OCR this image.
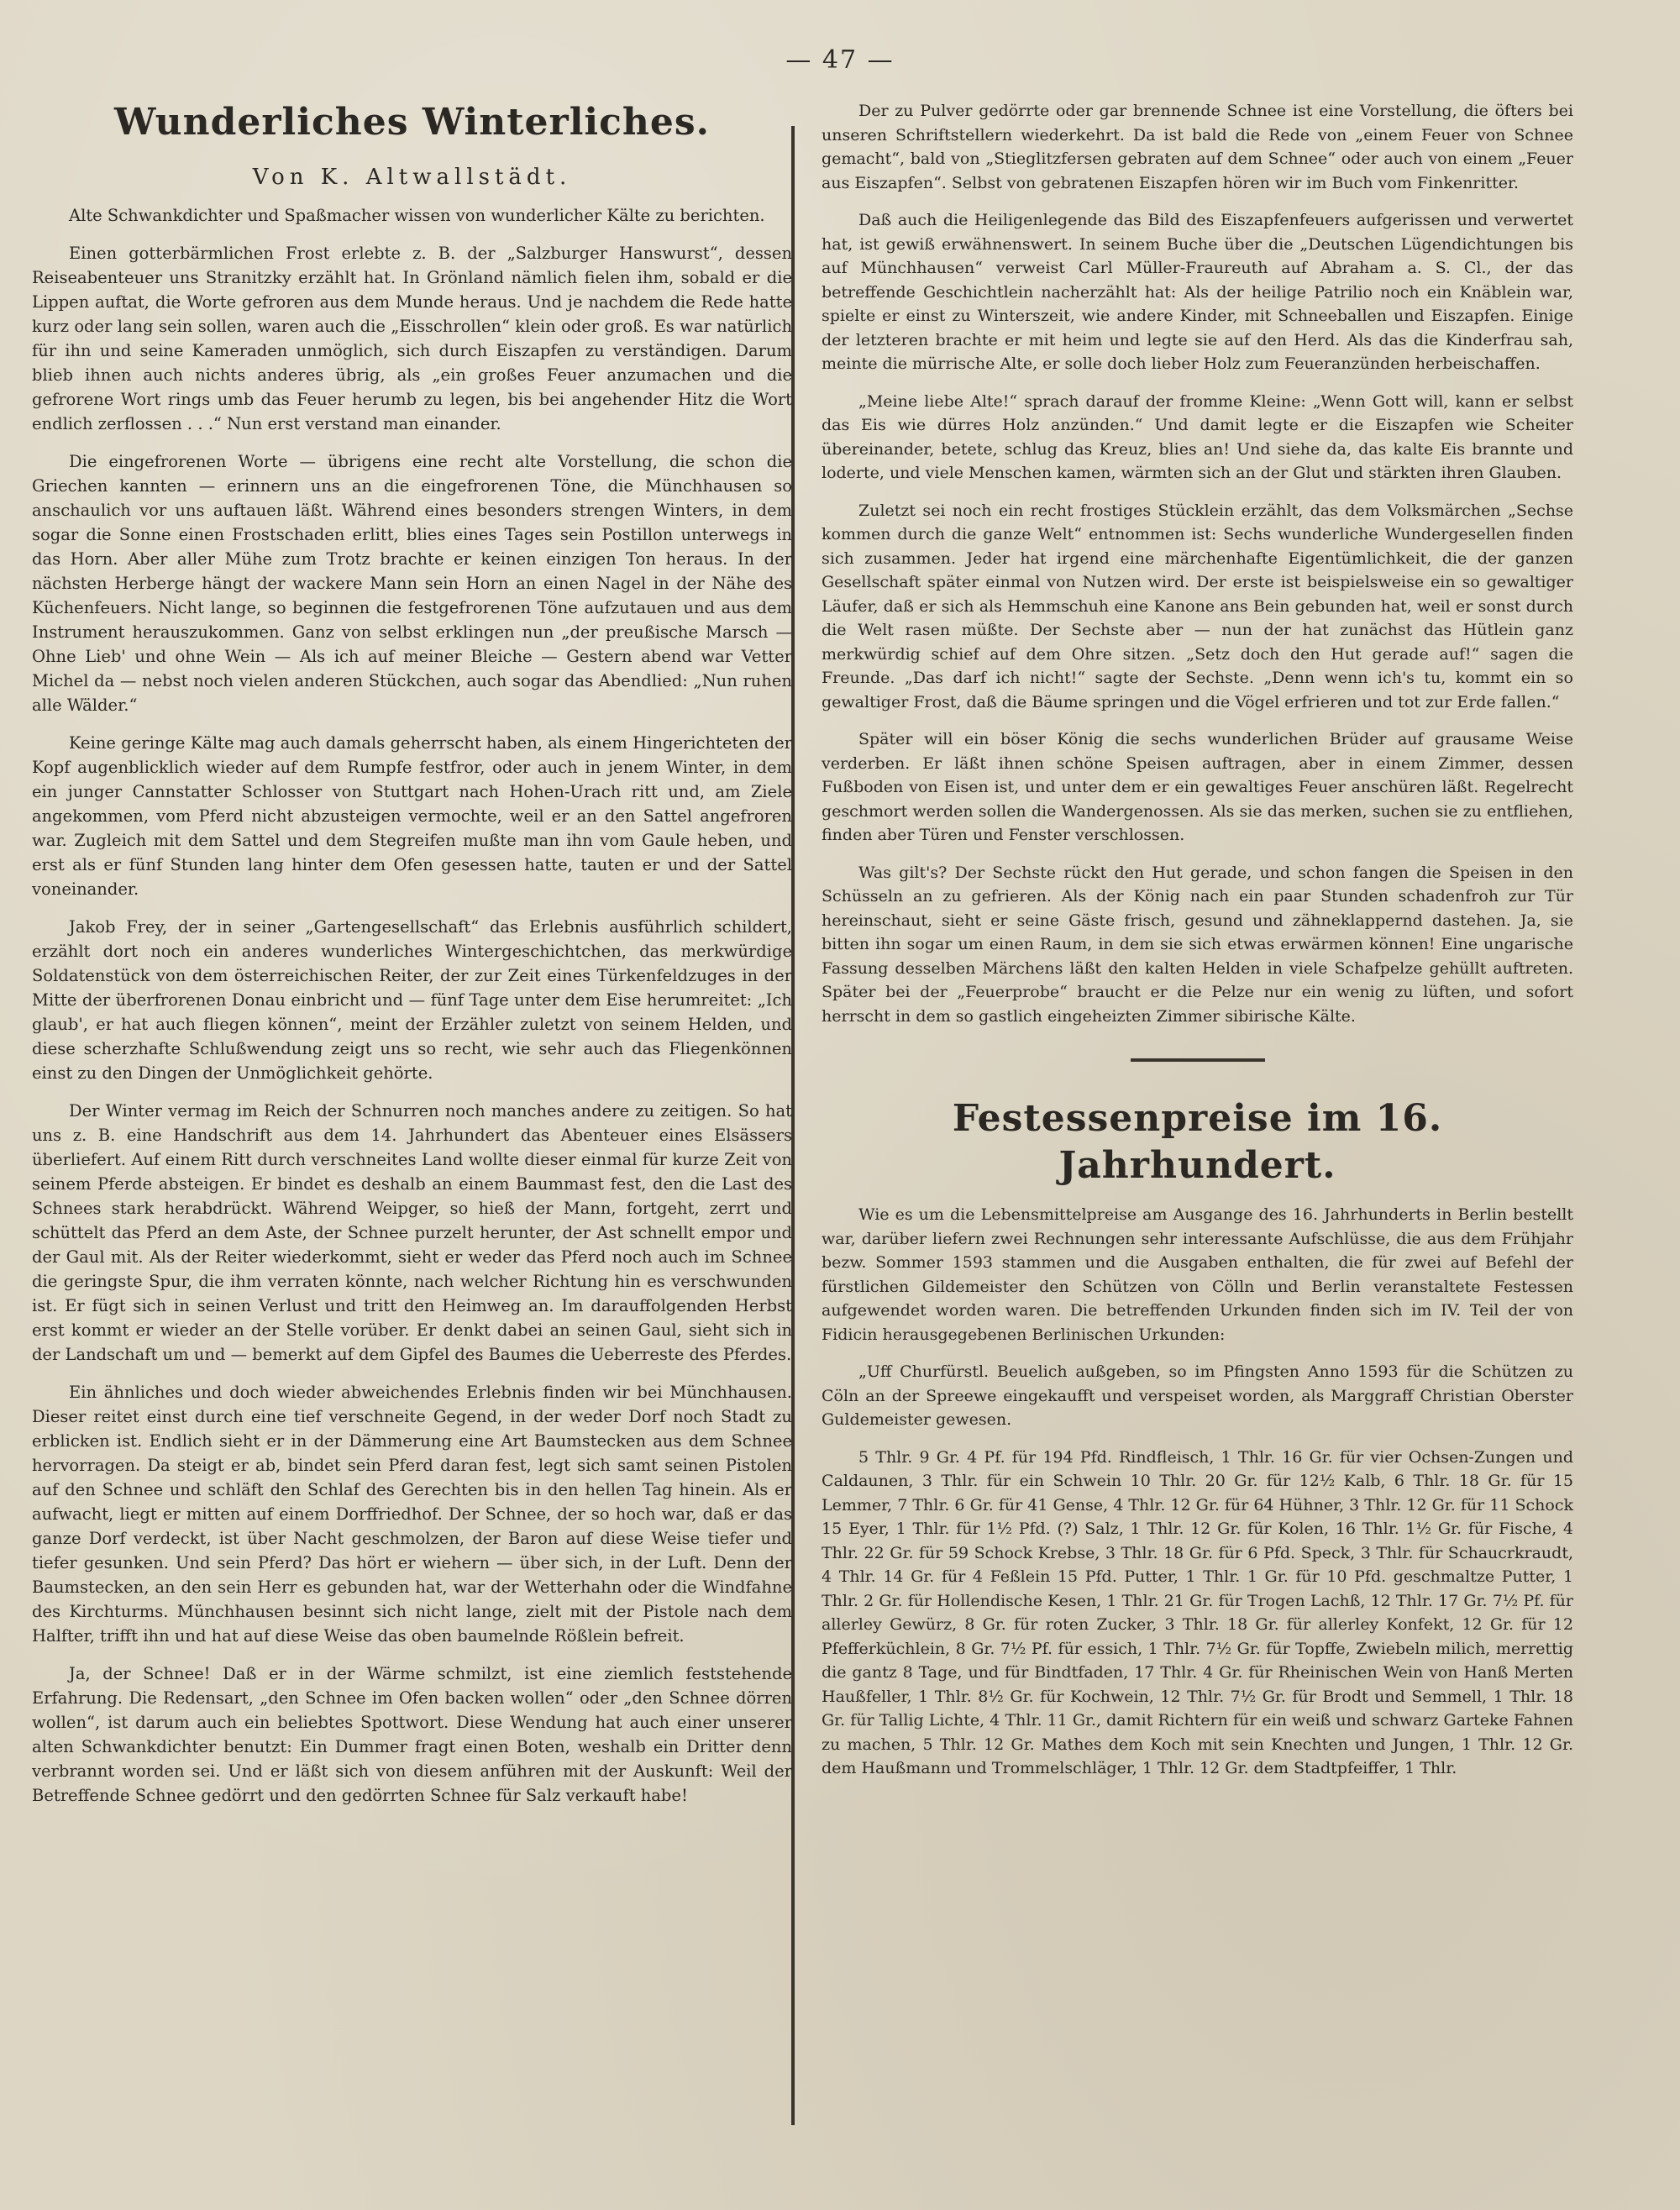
— 47 —
Wunderliches Winterliches.
Von K. Altwallstädt.

Alte Schwankdichter und Spaßmacher wissen von wunderlicher Kälte zu berichten.

Einen gotterbärmlichen Frost erlebte z. B. der „Salzburger Hanswurst“, dessen Reiseabenteuer uns Stranitzky erzählt hat. In Grönland nämlich fielen ihm, sobald er die Lippen auftat, die Worte gefroren aus dem Munde heraus. Und je nachdem die Rede hatte kurz oder lang sein sollen, waren auch die „Eisschrollen“ klein oder groß. Es war natürlich für ihn und seine Kameraden unmöglich, sich durch Eiszapfen zu verständigen. Darum blieb ihnen auch nichts anderes übrig, als „ein großes Feuer anzumachen und die gefrorene Wort rings umb das Feuer herumb zu legen, bis bei angehender Hitz die Wort endlich zerflossen . . .“ Nun erst verstand man einander.

Die eingefrorenen Worte — übrigens eine recht alte Vorstellung, die schon die Griechen kannten — erinnern uns an die eingefrorenen Töne, die Münchhausen so anschaulich vor uns auftauen läßt. Während eines besonders strengen Winters, in dem sogar die Sonne einen Frostschaden erlitt, blies eines Tages sein Postillon unterwegs in das Horn. Aber aller Mühe zum Trotz brachte er keinen einzigen Ton heraus. In der nächsten Herberge hängt der wackere Mann sein Horn an einen Nagel in der Nähe des Küchenfeuers. Nicht lange, so beginnen die festgefrorenen Töne aufzutauen und aus dem Instrument herauszukommen. Ganz von selbst erklingen nun „der preußische Marsch — Ohne Lieb' und ohne Wein — Als ich auf meiner Bleiche — Gestern abend war Vetter Michel da — nebst noch vielen anderen Stückchen, auch sogar das Abendlied: „Nun ruhen alle Wälder.“

Keine geringe Kälte mag auch damals geherrscht haben, als einem Hingerichteten der Kopf augenblicklich wieder auf dem Rumpfe festfror, oder auch in jenem Winter, in dem ein junger Cannstatter Schlosser von Stuttgart nach Hohen-Urach ritt und, am Ziele angekommen, vom Pferd nicht abzusteigen vermochte, weil er an den Sattel angefroren war. Zugleich mit dem Sattel und dem Stegreifen mußte man ihn vom Gaule heben, und erst als er fünf Stunden lang hinter dem Ofen gesessen hatte, tauten er und der Sattel voneinander.

Jakob Frey, der in seiner „Gartengesellschaft“ das Erlebnis ausführlich schildert, erzählt dort noch ein anderes wunderliches Wintergeschichtchen, das merkwürdige Soldatenstück von dem österreichischen Reiter, der zur Zeit eines Türkenfeldzuges in der Mitte der überfrorenen Donau einbricht und — fünf Tage unter dem Eise herumreitet: „Ich glaub', er hat auch fliegen können“, meint der Erzähler zuletzt von seinem Helden, und diese scherzhafte Schlußwendung zeigt uns so recht, wie sehr auch das Fliegenkönnen einst zu den Dingen der Unmöglichkeit gehörte.

Der Winter vermag im Reich der Schnurren noch manches andere zu zeitigen. So hat uns z. B. eine Handschrift aus dem 14. Jahrhundert das Abenteuer eines Elsässers überliefert. Auf einem Ritt durch verschneites Land wollte dieser einmal für kurze Zeit von seinem Pferde absteigen. Er bindet es deshalb an einem Baummast fest, den die Last des Schnees stark herabdrückt. Während Weipger, so hieß der Mann, fortgeht, zerrt und schüttelt das Pferd an dem Aste, der Schnee purzelt herunter, der Ast schnellt empor und der Gaul mit. Als der Reiter wiederkommt, sieht er weder das Pferd noch auch im Schnee die geringste Spur, die ihm verraten könnte, nach welcher Richtung hin es verschwunden ist. Er fügt sich in seinen Verlust und tritt den Heimweg an. Im darauffolgenden Herbst erst kommt er wieder an der Stelle vorüber. Er denkt dabei an seinen Gaul, sieht sich in der Landschaft um und — bemerkt auf dem Gipfel des Baumes die Ueberreste des Pferdes.

Ein ähnliches und doch wieder abweichendes Erlebnis finden wir bei Münchhausen. Dieser reitet einst durch eine tief verschneite Gegend, in der weder Dorf noch Stadt zu erblicken ist. Endlich sieht er in der Dämmerung eine Art Baumstecken aus dem Schnee hervorragen. Da steigt er ab, bindet sein Pferd daran fest, legt sich samt seinen Pistolen auf den Schnee und schläft den Schlaf des Gerechten bis in den hellen Tag hinein. Als er aufwacht, liegt er mitten auf einem Dorffriedhof. Der Schnee, der so hoch war, daß er das ganze Dorf verdeckt, ist über Nacht geschmolzen, der Baron auf diese Weise tiefer und tiefer gesunken. Und sein Pferd? Das hört er wiehern — über sich, in der Luft. Denn der Baumstecken, an den sein Herr es gebunden hat, war der Wetterhahn oder die Windfahne des Kirchturms. Münchhausen besinnt sich nicht lange, zielt mit der Pistole nach dem Halfter, trifft ihn und hat auf diese Weise das oben baumelnde Rößlein befreit.

Ja, der Schnee! Daß er in der Wärme schmilzt, ist eine ziemlich feststehende Erfahrung. Die Redensart, „den Schnee im Ofen backen wollen“ oder „den Schnee dörren wollen“, ist darum auch ein beliebtes Spottwort. Diese Wendung hat auch einer unserer alten Schwankdichter benutzt: Ein Dummer fragt einen Boten, weshalb ein Dritter denn verbrannt worden sei. Und er läßt sich von diesem anführen mit der Auskunft: Weil der Betreffende Schnee gedörrt und den gedörrten Schnee für Salz verkauft habe!

Der zu Pulver gedörrte oder gar brennende Schnee ist eine Vorstellung, die öfters bei unseren Schriftstellern wiederkehrt. Da ist bald die Rede von „einem Feuer von Schnee gemacht“, bald von „Stieglitzfersen gebraten auf dem Schnee“ oder auch von einem „Feuer aus Eiszapfen“. Selbst von gebratenen Eiszapfen hören wir im Buch vom Finkenritter.

Daß auch die Heiligenlegende das Bild des Eiszapfenfeuers aufgerissen und verwertet hat, ist gewiß erwähnenswert. In seinem Buche über die „Deutschen Lügendichtungen bis auf Münchhausen“ verweist Carl Müller-Fraureuth auf Abraham a. S. Cl., der das betreffende Geschichtlein nacherzählt hat: Als der heilige Patrilio noch ein Knäblein war, spielte er einst zu Winterszeit, wie andere Kinder, mit Schneeballen und Eiszapfen. Einige der letzteren brachte er mit heim und legte sie auf den Herd. Als das die Kinderfrau sah, meinte die mürrische Alte, er solle doch lieber Holz zum Feueranzünden herbeischaffen.

„Meine liebe Alte!“ sprach darauf der fromme Kleine: „Wenn Gott will, kann er selbst das Eis wie dürres Holz anzünden.“ Und damit legte er die Eiszapfen wie Scheiter übereinander, betete, schlug das Kreuz, blies an! Und siehe da, das kalte Eis brannte und loderte, und viele Menschen kamen, wärmten sich an der Glut und stärkten ihren Glauben.

Zuletzt sei noch ein recht frostiges Stücklein erzählt, das dem Volksmärchen „Sechse kommen durch die ganze Welt“ entnommen ist: Sechs wunderliche Wundergesellen finden sich zusammen. Jeder hat irgend eine märchenhafte Eigentümlichkeit, die der ganzen Gesellschaft später einmal von Nutzen wird. Der erste ist beispielsweise ein so gewaltiger Läufer, daß er sich als Hemmschuh eine Kanone ans Bein gebunden hat, weil er sonst durch die Welt rasen müßte. Der Sechste aber — nun der hat zunächst das Hütlein ganz merkwürdig schief auf dem Ohre sitzen. „Setz doch den Hut gerade auf!“ sagen die Freunde. „Das darf ich nicht!“ sagte der Sechste. „Denn wenn ich's tu, kommt ein so gewaltiger Frost, daß die Bäume springen und die Vögel erfrieren und tot zur Erde fallen.“

Später will ein böser König die sechs wunderlichen Brüder auf grausame Weise verderben. Er läßt ihnen schöne Speisen auftragen, aber in einem Zimmer, dessen Fußboden von Eisen ist, und unter dem er ein gewaltiges Feuer anschüren läßt. Regelrecht geschmort werden sollen die Wandergenossen. Als sie das merken, suchen sie zu entfliehen, finden aber Türen und Fenster verschlossen.

Was gilt's? Der Sechste rückt den Hut gerade, und schon fangen die Speisen in den Schüsseln an zu gefrieren. Als der König nach ein paar Stunden schadenfroh zur Tür hereinschaut, sieht er seine Gäste frisch, gesund und zähneklappernd dastehen. Ja, sie bitten ihn sogar um einen Raum, in dem sie sich etwas erwärmen können! Eine ungarische Fassung desselben Märchens läßt den kalten Helden in viele Schafpelze gehüllt auftreten. Später bei der „Feuerprobe“ braucht er die Pelze nur ein wenig zu lüften, und sofort herrscht in dem so gastlich eingeheizten Zimmer sibirische Kälte.

Festessenpreise im 16. Jahrhundert.

Wie es um die Lebensmittelpreise am Ausgange des 16. Jahrhunderts in Berlin bestellt war, darüber liefern zwei Rechnungen sehr interessante Aufschlüsse, die aus dem Frühjahr bezw. Sommer 1593 stammen und die Ausgaben enthalten, die für zwei auf Befehl der fürstlichen Gildemeister den Schützen von Cölln und Berlin veranstaltete Festessen aufgewendet worden waren. Die betreffenden Urkunden finden sich im IV. Teil der von Fidicin herausgegebenen Berlinischen Urkunden:

„Uff Churfürstl. Beuelich außgeben, so im Pfingsten Anno 1593 für die Schützen zu Cöln an der Spreewe eingekaufft und verspeiset worden, als Marggraff Christian Oberster Guldemeister gewesen.

5 Thlr. 9 Gr. 4 Pf. für 194 Pfd. Rindfleisch, 1 Thlr. 16 Gr. für vier Ochsen-Zungen und Caldaunen, 3 Thlr. für ein Schwein 10 Thlr. 20 Gr. für 12½ Kalb, 6 Thlr. 18 Gr. für 15 Lemmer, 7 Thlr. 6 Gr. für 41 Gense, 4 Thlr. 12 Gr. für 64 Hühner, 3 Thlr. 12 Gr. für 11 Schock 15 Eyer, 1 Thlr. für 1½ Pfd. (?) Salz, 1 Thlr. 12 Gr. für Kolen, 16 Thlr. 1½ Gr. für Fische, 4 Thlr. 22 Gr. für 59 Schock Krebse, 3 Thlr. 18 Gr. für 6 Pfd. Speck, 3 Thlr. für Schaucrkraudt, 4 Thlr. 14 Gr. für 4 Feßlein 15 Pfd. Putter, 1 Thlr. 1 Gr. für 10 Pfd. geschmaltze Putter, 1 Thlr. 2 Gr. für Hollendische Kesen, 1 Thlr. 21 Gr. für Trogen Lachß, 12 Thlr. 17 Gr. 7½ Pf. für allerley Gewürz, 8 Gr. für roten Zucker, 3 Thlr. 18 Gr. für allerley Konfekt, 12 Gr. für 12 Pfefferküchlein, 8 Gr. 7½ Pf. für essich, 1 Thlr. 7½ Gr. für Topffe, Zwiebeln milich, merrettig die gantz 8 Tage, und für Bindtfaden, 17 Thlr. 4 Gr. für Rheinischen Wein von Hanß Merten Haußfeller, 1 Thlr. 8½ Gr. für Kochwein, 12 Thlr. 7½ Gr. für Brodt und Semmell, 1 Thlr. 18 Gr. für Tallig Lichte, 4 Thlr. 11 Gr., damit Richtern für ein weiß und schwarz Garteke Fahnen zu machen, 5 Thlr. 12 Gr. Mathes dem Koch mit sein Knechten und Jungen, 1 Thlr. 12 Gr. dem Haußmann und Trommelschläger, 1 Thlr. 12 Gr. dem Stadtpfeiffer, 1 Thlr.
